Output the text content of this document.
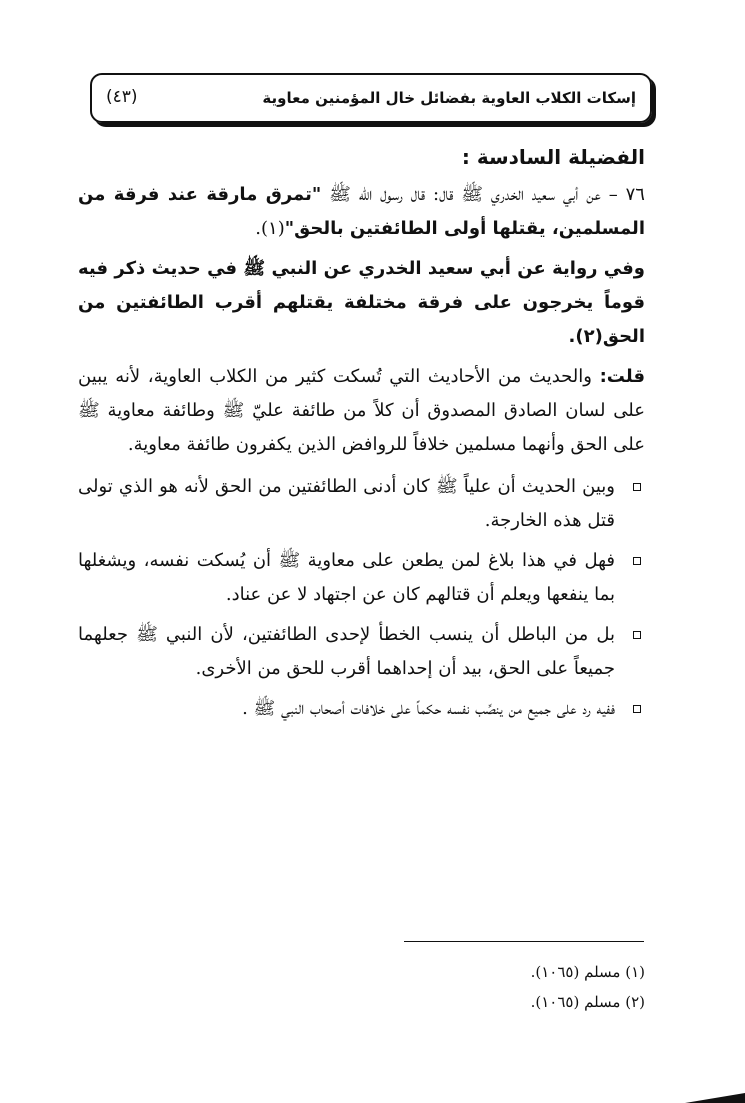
إسكات الكلاب العاوية بفضائل خال المؤمنين معاوية
(٤٣)

الفضيلة السادسة :

٧٦ – عن أبي سعيد الخدري ﷺ قال: قال رسول الله ﷺ "تمرق مارقة عند فرقة من المسلمين، يقتلها أولى الطائفتين بالحق"(١).

وفي رواية عن أبي سعيد الخدري عن النبي ﷺ في حديث ذكر فيه قوماً يخرجون على فرقة مختلفة يقتلهم أقرب الطائفتين من الحق(٢).

قلت: والحديث من الأحاديث التي تُسكت كثير من الكلاب العاوية، لأنه يبين على لسان الصادق المصدوق أن كلاً من طائفة عليّ ﷺ وطائفة معاوية ﷺ على الحق وأنهما مسلمين خلافاً للروافض الذين يكفرون طائفة معاوية.

وبين الحديث أن علياً ﷺ كان أدنى الطائفتين من الحق لأنه هو الذي تولى قتل هذه الخارجة.
فهل في هذا بلاغ لمن يطعن على معاوية ﷺ أن يُسكت نفسه، ويشغلها بما ينفعها ويعلم أن قتالهم كان عن اجتهاد لا عن عناد.
بل من الباطل أن ينسب الخطأ لإحدى الطائفتين، لأن النبي ﷺ جعلهما جميعاً على الحق، بيد أن إحداهما أقرب للحق من الأخرى.
ففيه رد على جميع من ينصِّب نفسه حكماً على خلافات أصحاب النبي ﷺ .

(١) مسلم (١٠٦٥).

(٢) مسلم (١٠٦٥).
